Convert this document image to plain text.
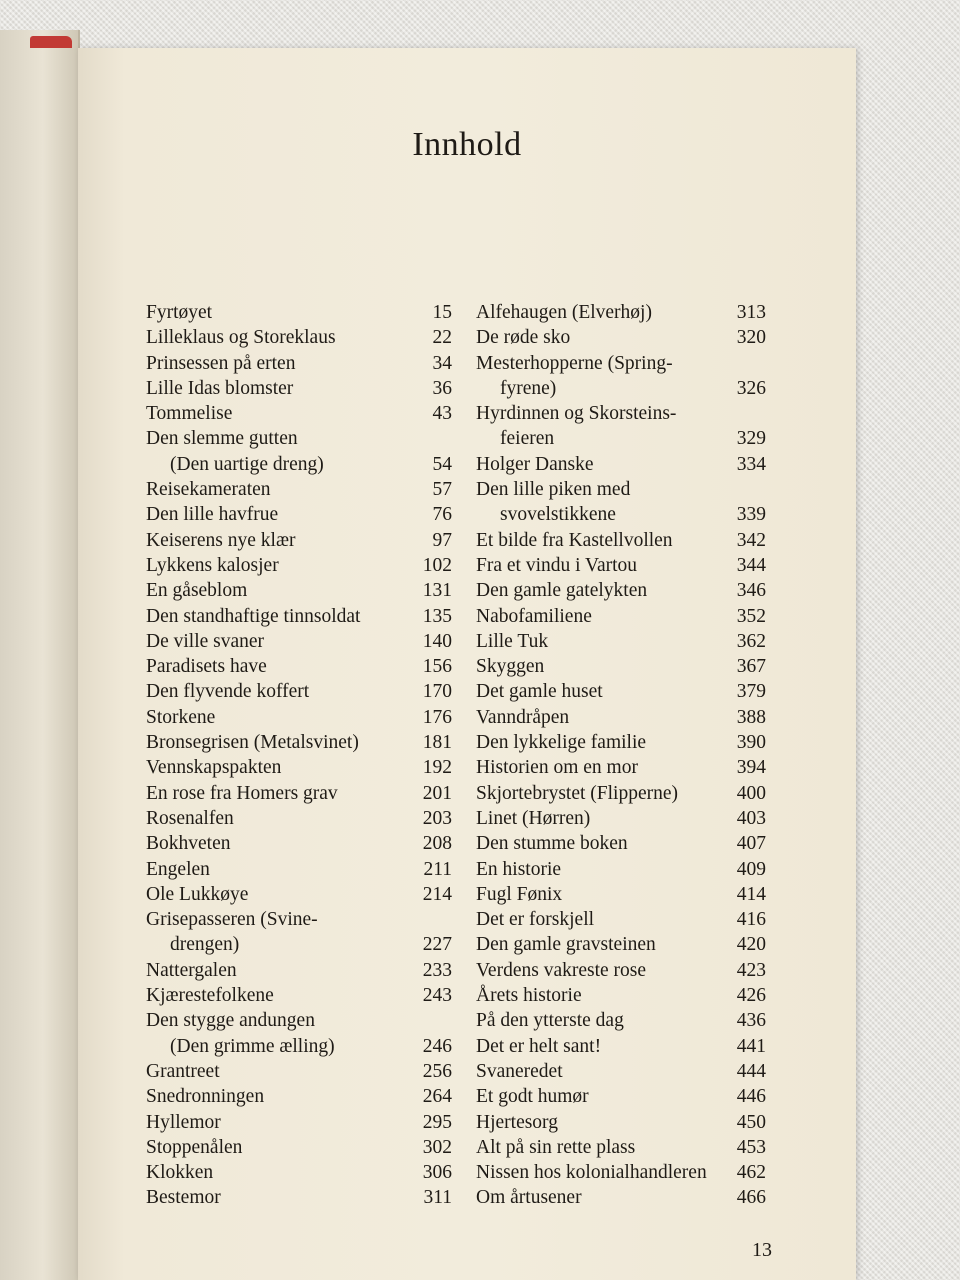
Innhold
Fyrtøyet	15
Lilleklaus og Storeklaus	22
Prinsessen på erten	34
Lille Idas blomster	36
Tommelise	43
Den slemme gutten
(Den uartige dreng)	54
Reisekameraten	57
Den lille havfrue	76
Keiserens nye klær	97
Lykkens kalosjer	102
En gåseblom	131
Den standhaftige tinnsoldat	135
De ville svaner	140
Paradisets have	156
Den flyvende koffert	170
Storkene	176
Bronsegrisen (Metalsvinet)	181
Vennskapspakten	192
En rose fra Homers grav	201
Rosenalfen	203
Bokhveten	208
Engelen	211
Ole Lukkøye	214
Grisepasseren (Svine-
drengen)	227
Nattergalen	233
Kjærestefolkene	243
Den stygge andungen
(Den grimme ælling)	246
Grantreet	256
Snedronningen	264
Hyllemor	295
Stoppenålen	302
Klokken	306
Bestemor	311
Alfehaugen (Elverhøj)	313
De røde sko	320
Mesterhopperne (Spring-
fyrene)	326
Hyrdinnen og Skorsteins-
feieren	329
Holger Danske	334
Den lille piken med
svovelstikkene	339
Et bilde fra Kastellvollen	342
Fra et vindu i Vartou	344
Den gamle gatelykten	346
Nabofamiliene	352
Lille Tuk	362
Skyggen	367
Det gamle huset	379
Vanndråpen	388
Den lykkelige familie	390
Historien om en mor	394
Skjortebrystet (Flipperne)	400
Linet (Hørren)	403
Den stumme boken	407
En historie	409
Fugl Fønix	414
Det er forskjell	416
Den gamle gravsteinen	420
Verdens vakreste rose	423
Årets historie	426
På den ytterste dag	436
Det er helt sant!	441
Svaneredet	444
Et godt humør	446
Hjertesorg	450
Alt på sin rette plass	453
Nissen hos kolonialhandleren 462
Om årtusener	466
13
